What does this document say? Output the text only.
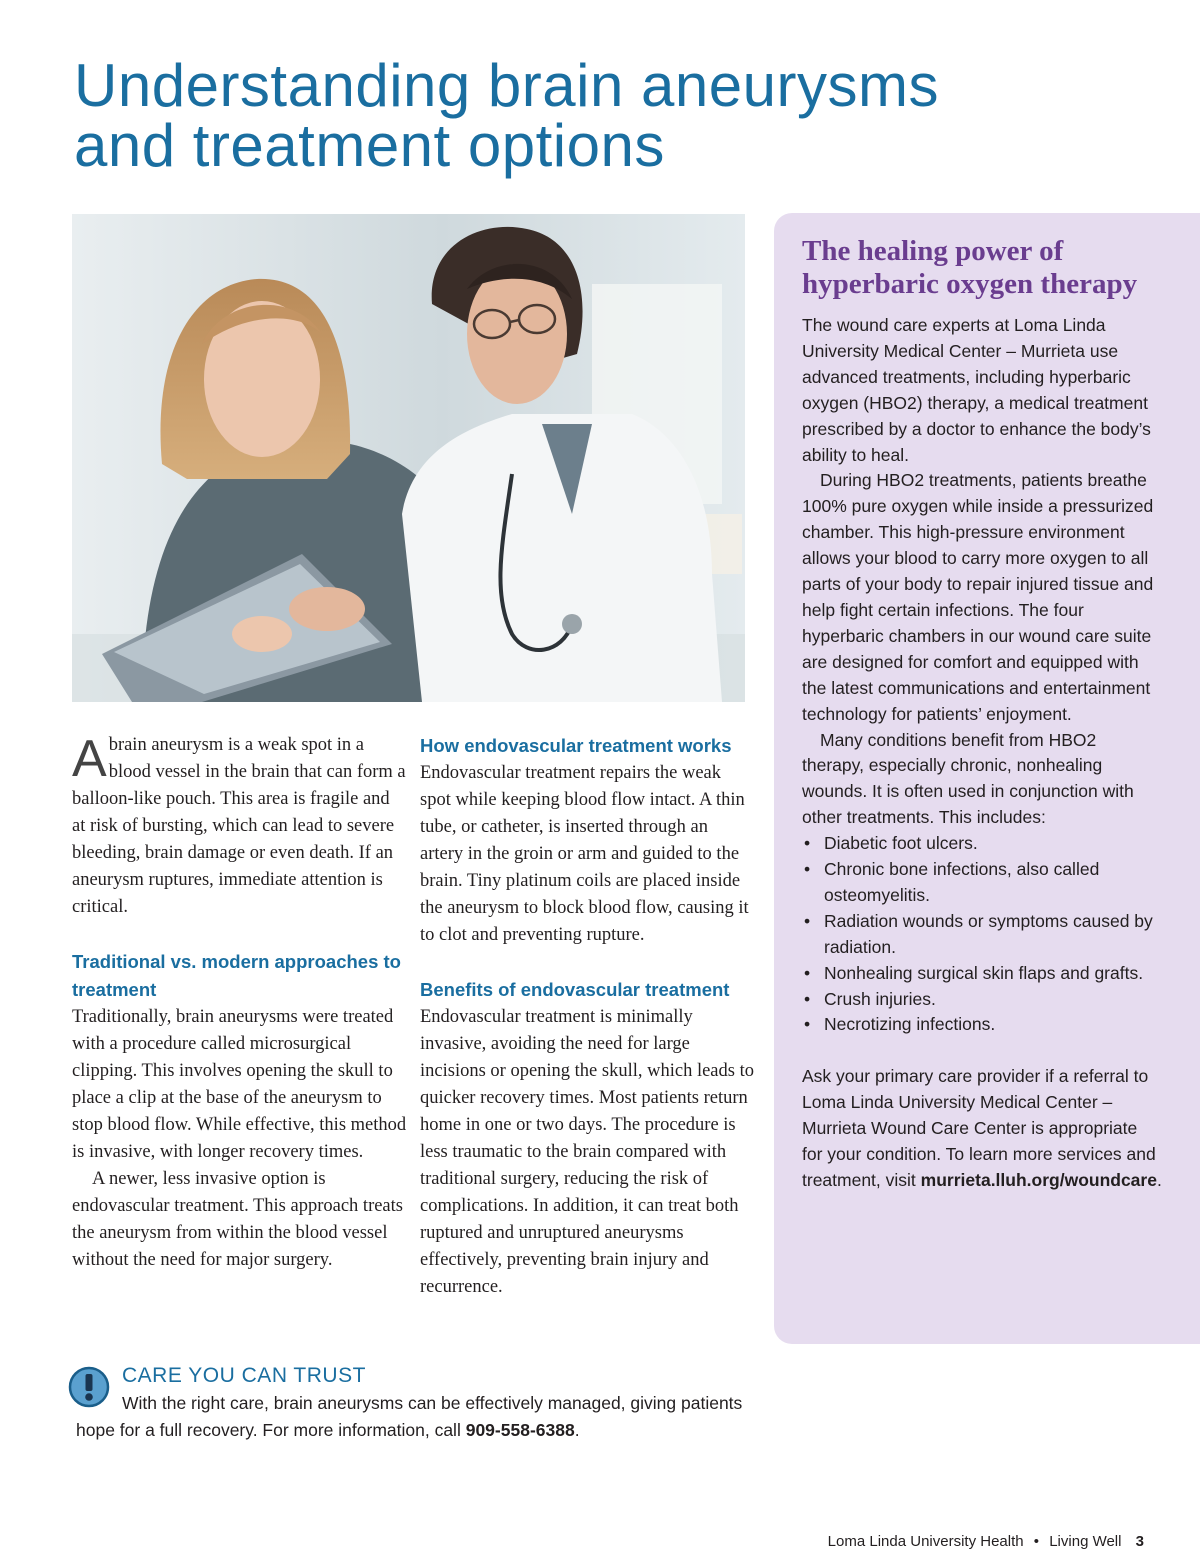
Understanding brain aneurysms
and treatment options

Abrain aneurysm is a weak spot in a blood vessel in the brain that can form a balloon-like pouch. This area is fragile and at risk of bursting, which can lead to severe bleeding, brain damage or even death. If an aneurysm ruptures, immediate attention is critical.

Traditional vs. modern approaches to treatment

Traditionally, brain aneurysms were treated with a procedure called microsurgical clipping. This involves opening the skull to place a clip at the base of the aneurysm to stop blood flow. While effective, this method is invasive, with longer recovery times.

A newer, less invasive option is endovascular treatment. This approach treats the aneurysm from within the blood vessel without the need for major surgery.

How endovascular treatment works

Endovascular treatment repairs the weak spot while keeping blood flow intact. A thin tube, or catheter, is inserted through an artery in the groin or arm and guided to the brain. Tiny platinum coils are placed inside the aneurysm to block blood flow, causing it to clot and preventing rupture.

Benefits of endovascular treatment

Endovascular treatment is minimally invasive, avoiding the need for large incisions or opening the skull, which leads to quicker recovery times. Most patients return home in one or two days. The procedure is less traumatic to the brain compared with traditional surgery, reducing the risk of complications. In addition, it can treat both ruptured and unruptured aneurysms effectively, preventing brain injury and recurrence.

The healing power of hyperbaric oxygen therapy

The wound care experts at Loma Linda University Medical Center – Murrieta use advanced treatments, including hyperbaric oxygen (HBO2) therapy, a medical treatment prescribed by a doctor to enhance the body’s ability to heal.

During HBO2 treatments, patients breathe 100% pure oxygen while inside a pressurized chamber. This high-pressure environment allows your blood to carry more oxygen to all parts of your body to repair injured tissue and help fight certain infections. The four hyperbaric chambers in our wound care suite are designed for comfort and equipped with the latest communications and entertainment technology for patients’ enjoyment.

Many conditions benefit from HBO2 therapy, especially chronic, nonhealing wounds. It is often used in conjunction with other treatments. This includes:

• Diabetic foot ulcers.
• Chronic bone infections, also called osteomyelitis.
• Radiation wounds or symptoms caused by radiation.
• Nonhealing surgical skin flaps and grafts.
• Crush injuries.
• Necrotizing infections.

Ask your primary care provider if a referral to Loma Linda University Medical Center – Murrieta Wound Care Center is appropriate for your condition. To learn more services and treatment, visit murrieta.lluh.org/woundcare.

CARE YOU CAN TRUST
With the right care, brain aneurysms can be effectively managed, giving patients hope for a full recovery. For more information, call 909-558-6388.
Loma Linda University Health • Living Well 3
